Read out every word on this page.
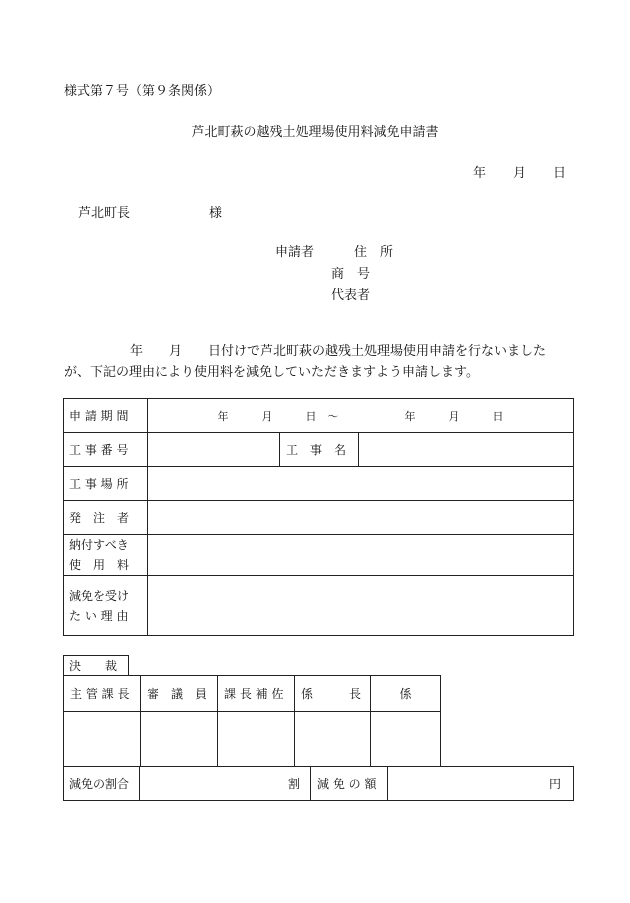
様式第７号（第９条関係）
芦北町萩の越残土処理場使用料減免申請書
年 月 日
芦北町長	様
申請者	住　所
商　号
代表者
年　　月　　日付けで芦北町萩の越残土処理場使用申請を行ないました
が、下記の理由により使用料を減免していただきますよう申請します。
申 請 期 間	年　　　月　　　日　～　　　　　　年　　　月　　　日		
工 事 番 号		工　事　名	
工 事 場 所			
発　注　者			

納付すべき
使　用　料			

減免を受け
た い 理 由			

決　　裁
主 管 課 長	審　議　員	課 長 補 佐	係　　　長	係

減免の割合	割	減 免 の 額	円
